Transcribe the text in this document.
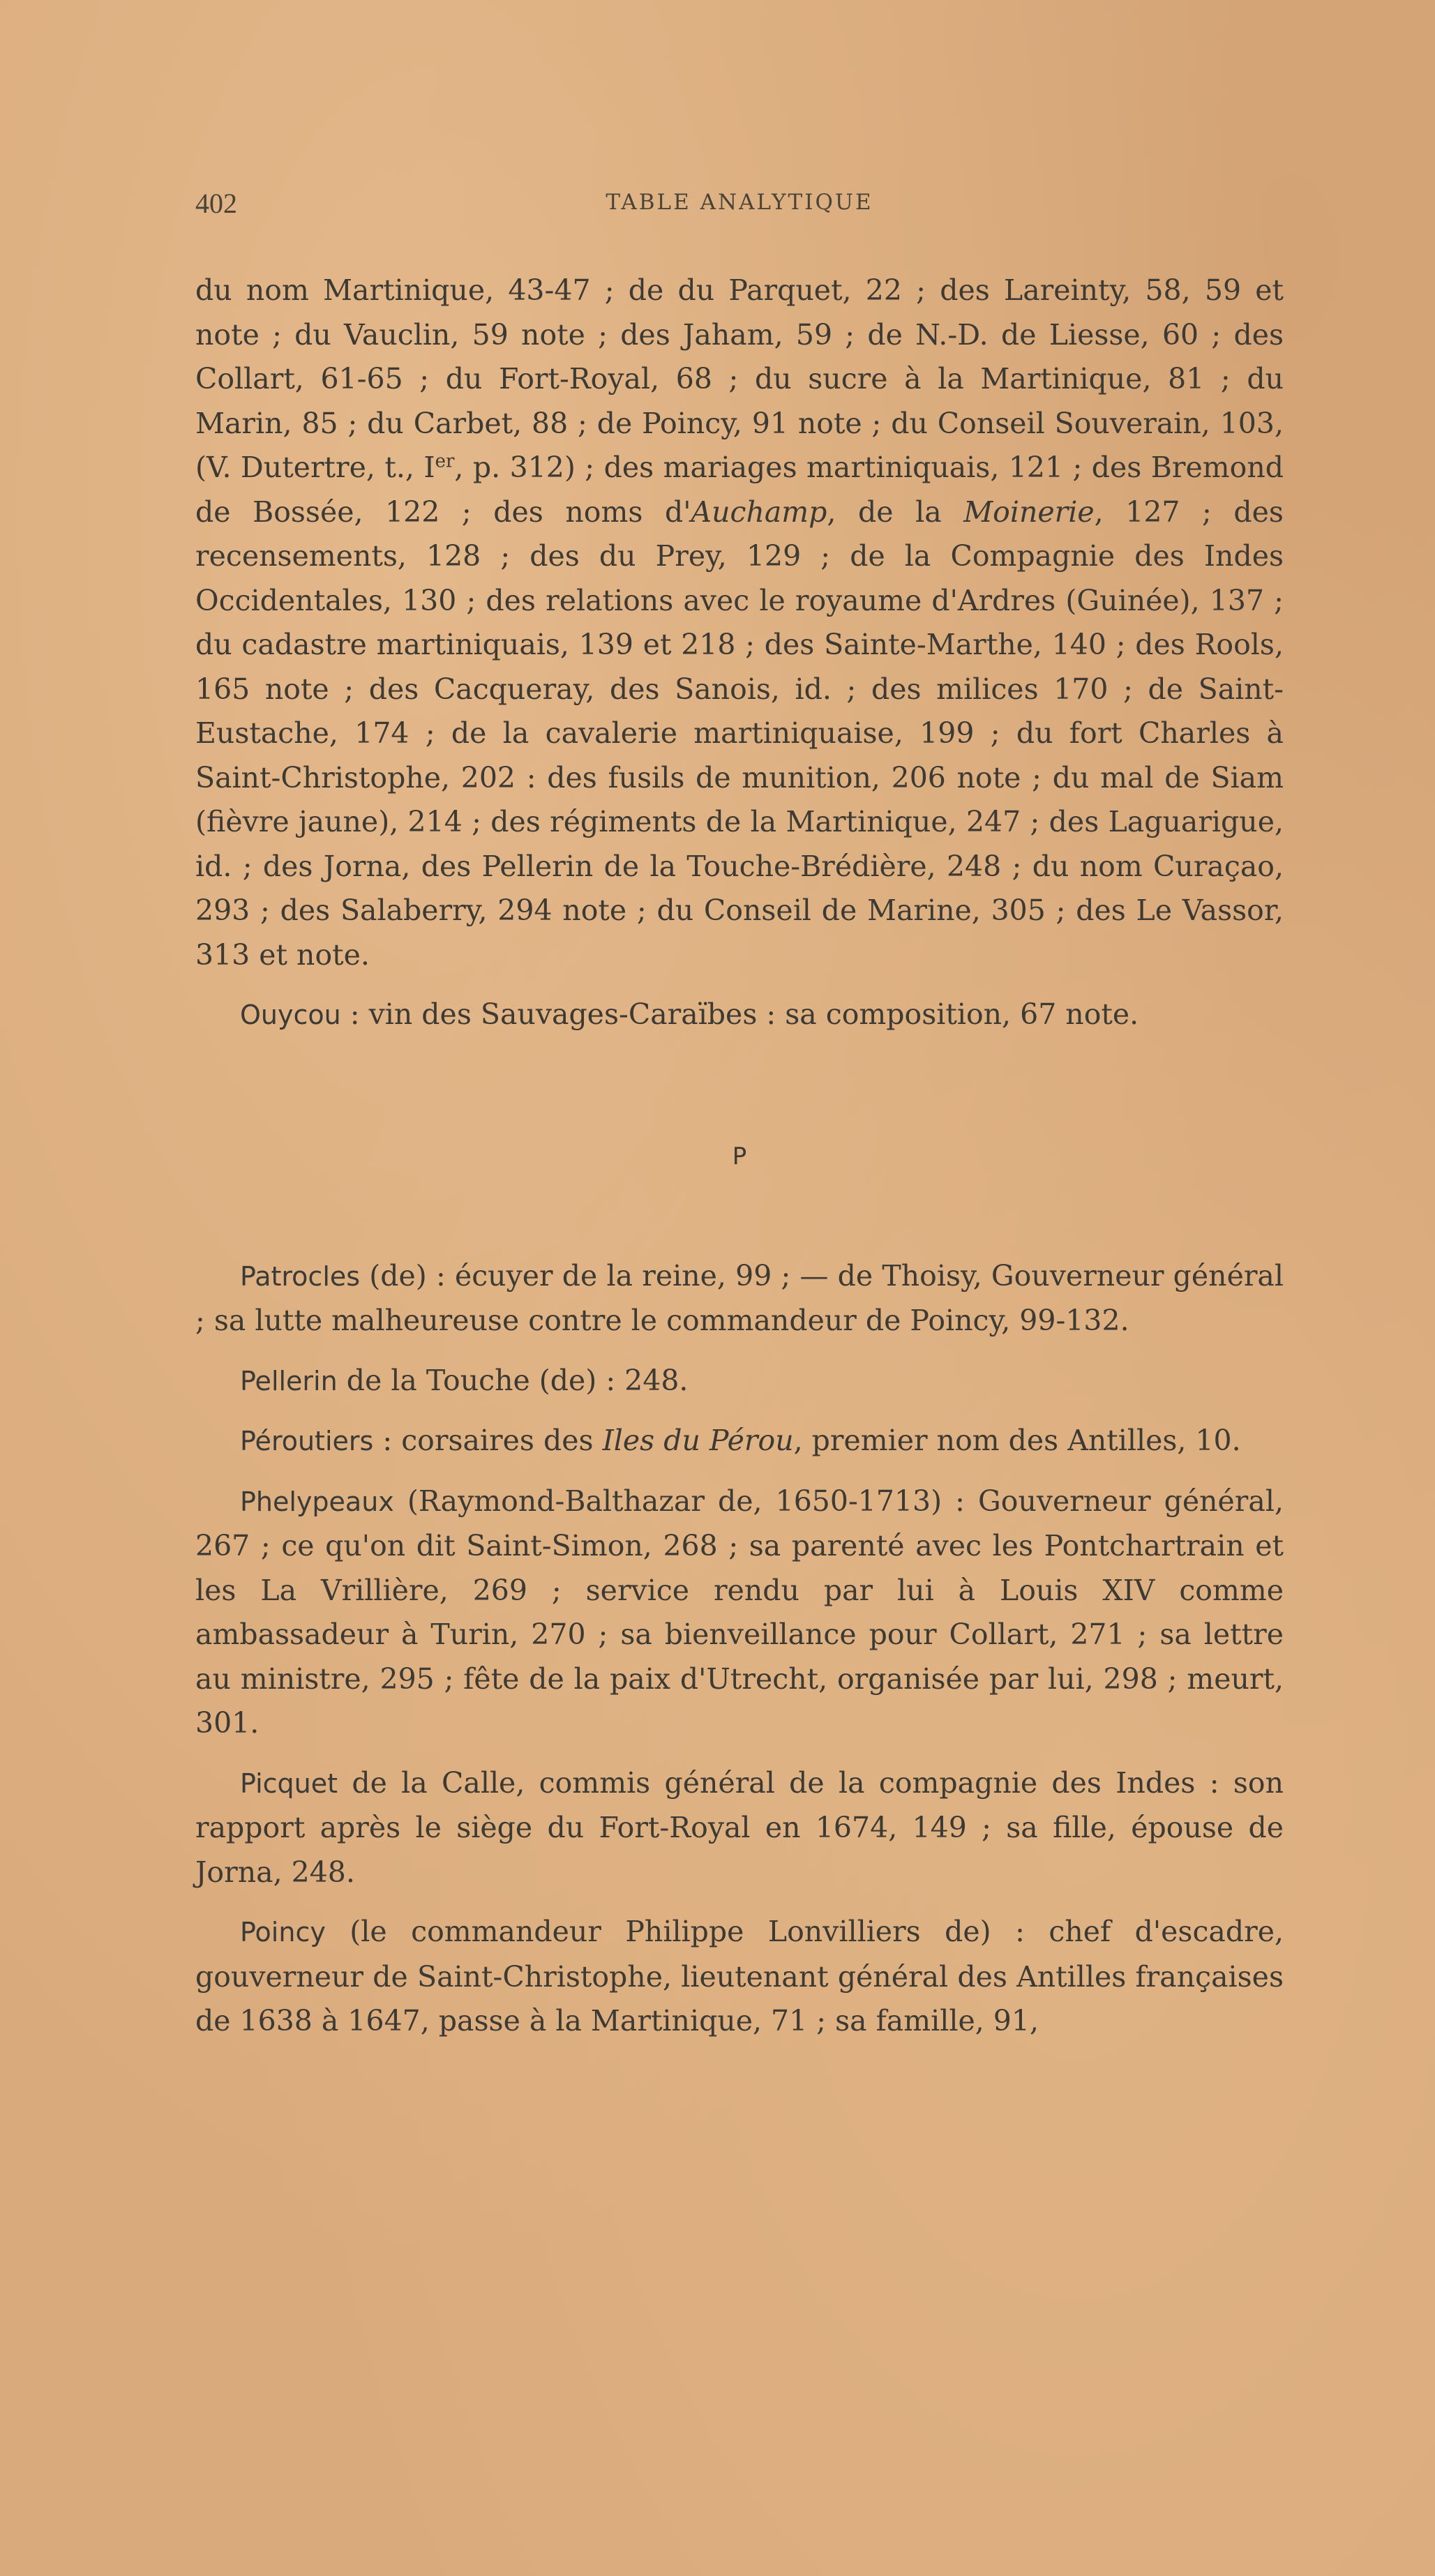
402	TABLE ANALYTIQUE

du nom Martinique, 43-47 ; de du Parquet, 22 ; des Lareinty, 58, 59 et note ; du Vauclin, 59 note ; des Jaham, 59 ; de N.-D. de Liesse, 60 ; des Collart, 61-65 ; du Fort-Royal, 68 ; du sucre à la Martinique, 81 ; du Marin, 85 ; du Carbet, 88 ; de Poincy, 91 note ; du Conseil Souverain, 103, (V. Dutertre, t., Ier, p. 312) ; des mariages martiniquais, 121 ; des Bremond de Bossée, 122 ; des noms d'Auchamp, de la Moinerie, 127 ; des recensements, 128 ; des du Prey, 129 ; de la Compagnie des Indes Occidentales, 130 ; des relations avec le royaume d'Ardres (Guinée), 137 ; du cadastre martiniquais, 139 et 218 ; des Sainte-Marthe, 140 ; des Rools, 165 note ; des Cacqueray, des Sanois, id. ; des milices 170 ; de Saint-Eustache, 174 ; de la cavalerie martiniquaise, 199 ; du fort Charles à Saint-Christophe, 202 : des fusils de munition, 206 note ; du mal de Siam (fièvre jaune), 214 ; des régiments de la Martinique, 247 ; des Laguarigue, id. ; des Jorna, des Pellerin de la Touche-Brédière, 248 ; du nom Curaçao, 293 ; des Salaberry, 294 note ; du Conseil de Marine, 305 ; des Le Vassor, 313 et note.

Ouycou : vin des Sauvages-Caraïbes : sa composition, 67 note.

P

Patrocles (de) : écuyer de la reine, 99 ; — de Thoisy, Gouverneur général ; sa lutte malheureuse contre le commandeur de Poincy, 99-132.

Pellerin de la Touche (de) : 248.

Péroutiers : corsaires des Iles du Pérou, premier nom des Antilles, 10.

Phelypeaux (Raymond-Balthazar de, 1650-1713) : Gouverneur général, 267 ; ce qu'on dit Saint-Simon, 268 ; sa parenté avec les Pontchartrain et les La Vrillière, 269 ; service rendu par lui à Louis XIV comme ambassadeur à Turin, 270 ; sa bienveillance pour Collart, 271 ; sa lettre au ministre, 295 ; fête de la paix d'Utrecht, organisée par lui, 298 ; meurt, 301.

Picquet de la Calle, commis général de la compagnie des Indes : son rapport après le siège du Fort-Royal en 1674, 149 ; sa fille, épouse de Jorna, 248.

Poincy (le commandeur Philippe Lonvilliers de) : chef d'escadre, gouverneur de Saint-Christophe, lieutenant général des Antilles françaises de 1638 à 1647, passe à la Martinique, 71 ; sa famille, 91,
